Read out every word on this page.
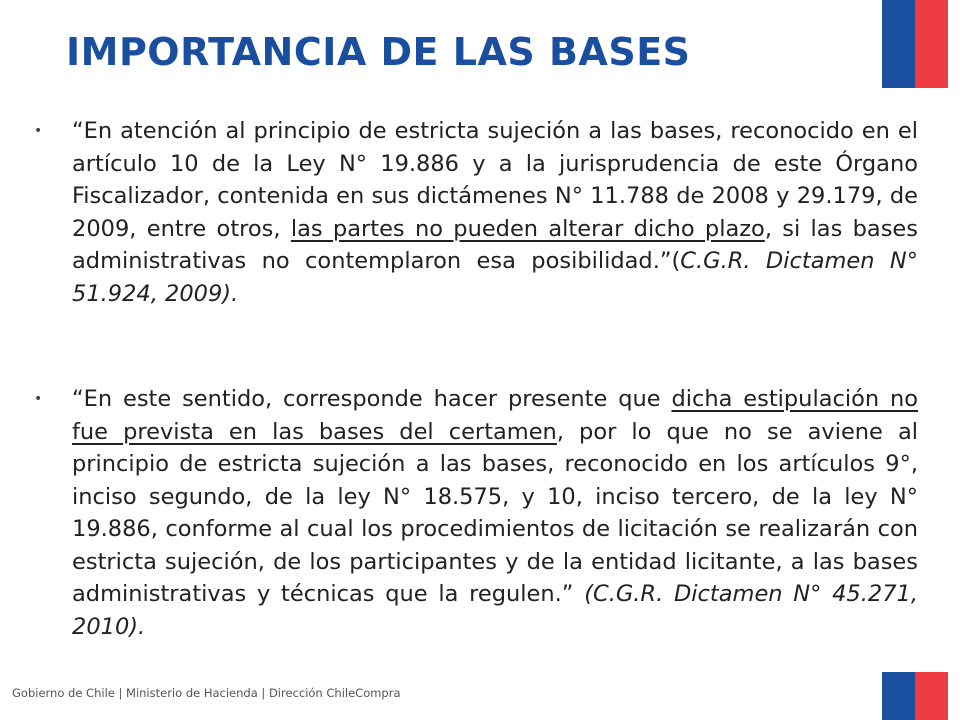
IMPORTANCIA DE LAS BASES
• “En atención al principio de estricta sujeción a las bases, reconocido en el artículo 10 de la Ley N° 19.886 y a la jurisprudencia de este Órgano Fiscalizador, contenida en sus dictámenes N° 11.788 de 2008 y 29.179, de 2009, entre otros, las partes no pueden alterar dicho plazo, si las bases administrativas no contemplaron esa posibilidad.”(C.G.R. Dictamen N° 51.924, 2009).
• “En este sentido, corresponde hacer presente que dicha estipulación no fue prevista en las bases del certamen, por lo que no se aviene al principio de estricta sujeción a las bases, reconocido en los artículos 9°, inciso segundo, de la ley N° 18.575, y 10, inciso tercero, de la ley N° 19.886, conforme al cual los procedimientos de licitación se realizarán con estricta sujeción, de los participantes y de la entidad licitante, a las bases administrativas y técnicas que la regulen.” (C.G.R. Dictamen N° 45.271, 2010).
Gobierno de Chile | Ministerio de Hacienda | Dirección ChileCompra
